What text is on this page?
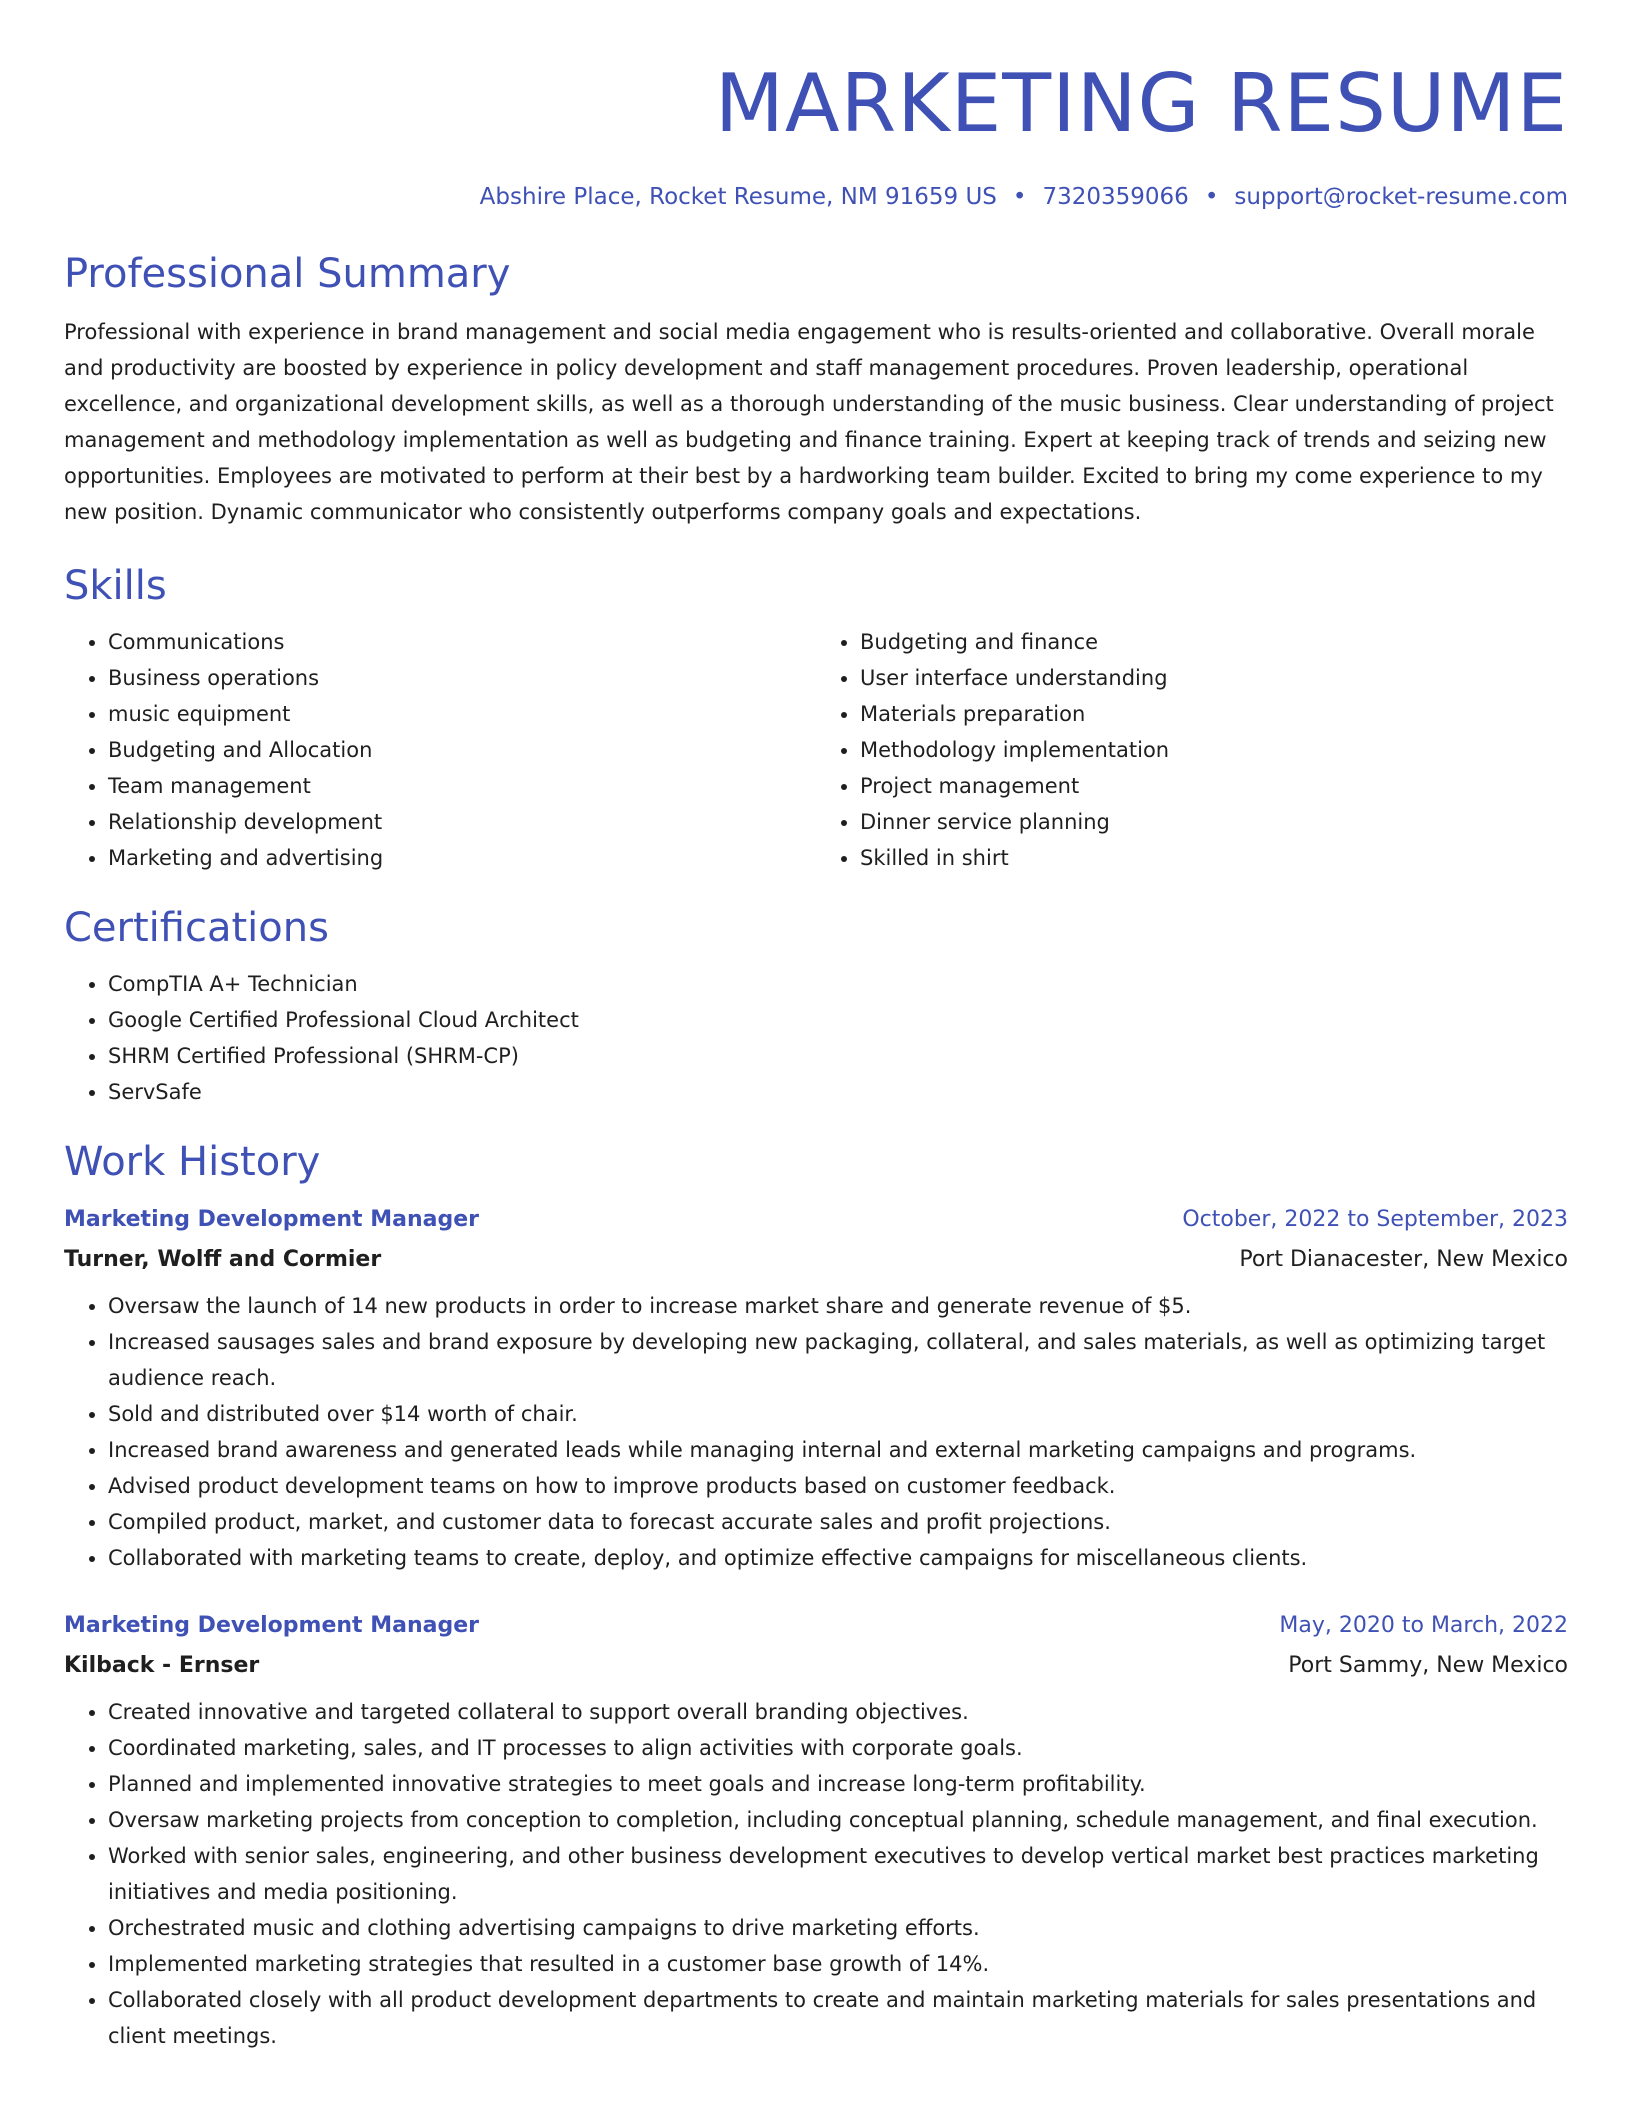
MARKETING RESUME
Abshire Place, Rocket Resume, NM 91659 US • 7320359066 • support@rocket-resume.com
Professional Summary

Professional with experience in brand management and social media engagement who is results-oriented and collaborative. Overall morale and productivity are boosted by experience in policy development and staff management procedures. Proven leadership, operational excellence, and organizational development skills, as well as a thorough understanding of the music business. Clear understanding of project management and methodology implementation as well as budgeting and finance training. Expert at keeping track of trends and seizing new opportunities. Employees are motivated to perform at their best by a hardworking team builder. Excited to bring my come experience to my new position. Dynamic communicator who consistently outperforms company goals and expectations.

Skills
• Communications
• Business operations
• music equipment
• Budgeting and Allocation
• Team management
• Relationship development
• Marketing and advertising
• Budgeting and finance
• User interface understanding
• Materials preparation
• Methodology implementation
• Project management
• Dinner service planning
• Skilled in shirt
Certifications
• CompTIA A+ Technician
• Google Certified Professional Cloud Architect
• SHRM Certified Professional (SHRM-CP)
• ServSafe
Work History
Marketing Development Manager	October, 2022 to September, 2023
Turner, Wolff and Cormier	Port Dianacester, New Mexico
• Oversaw the launch of 14 new products in order to increase market share and generate revenue of $5.
• Increased sausages sales and brand exposure by developing new packaging, collateral, and sales materials, as well as optimizing target audience reach.
• Sold and distributed over $14 worth of chair.
• Increased brand awareness and generated leads while managing internal and external marketing campaigns and programs.
• Advised product development teams on how to improve products based on customer feedback.
• Compiled product, market, and customer data to forecast accurate sales and profit projections.
• Collaborated with marketing teams to create, deploy, and optimize effective campaigns for miscellaneous clients.
Marketing Development Manager	May, 2020 to March, 2022
Kilback - Ernser	Port Sammy, New Mexico
• Created innovative and targeted collateral to support overall branding objectives.
• Coordinated marketing, sales, and IT processes to align activities with corporate goals.
• Planned and implemented innovative strategies to meet goals and increase long-term profitability.
• Oversaw marketing projects from conception to completion, including conceptual planning, schedule management, and final execution.
• Worked with senior sales, engineering, and other business development executives to develop vertical market best practices marketing initiatives and media positioning.
• Orchestrated music and clothing advertising campaigns to drive marketing efforts.
• Implemented marketing strategies that resulted in a customer base growth of 14%.
• Collaborated closely with all product development departments to create and maintain marketing materials for sales presentations and client meetings.
